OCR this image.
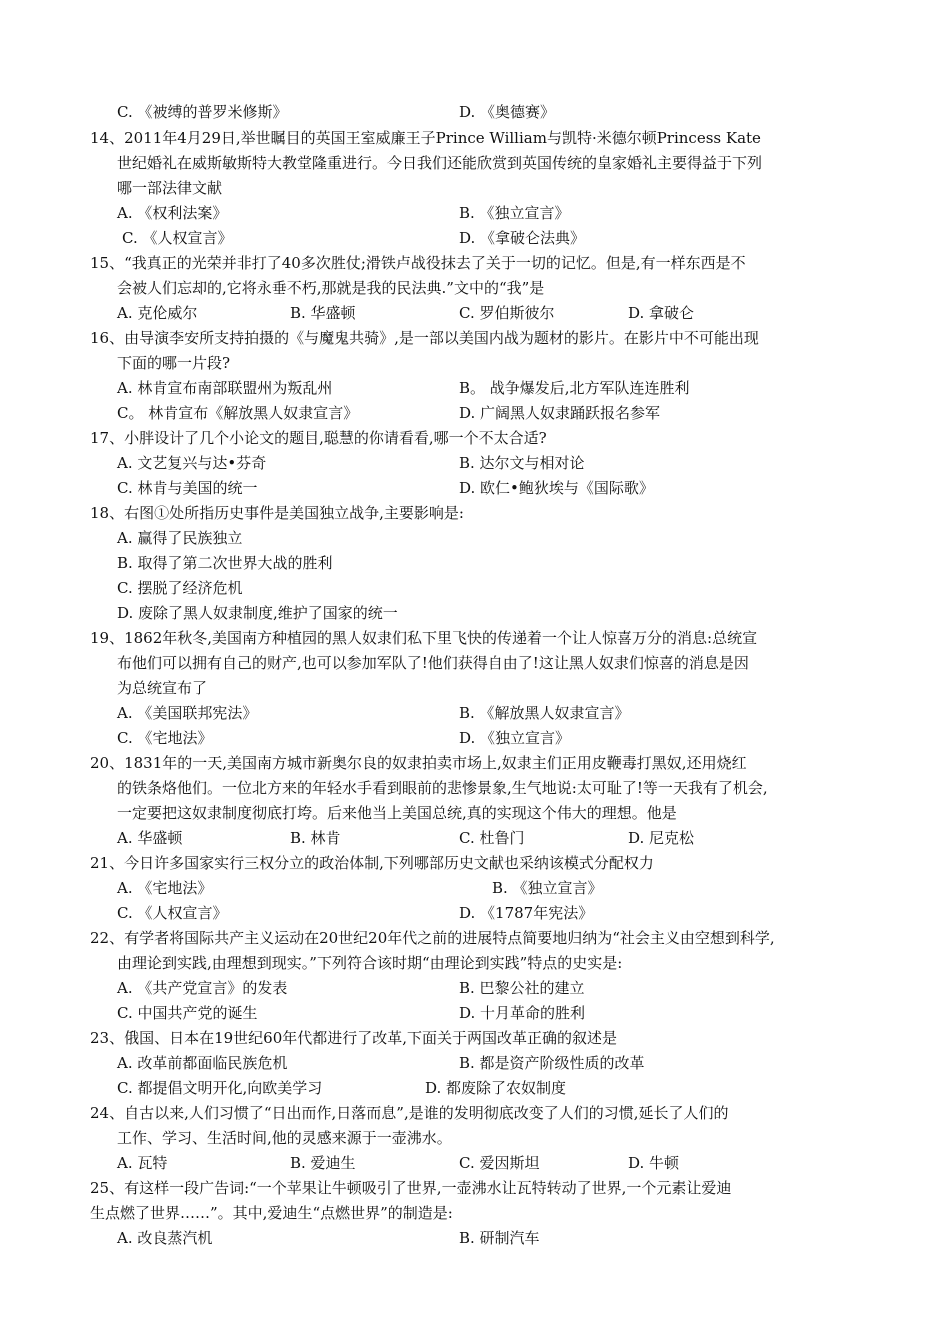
C. 《被缚的普罗米修斯》	D. 《奥德赛》
14、2011年4月29日,举世瞩目的英国王室威廉王子Prince William与凯特·米德尔顿Princess Kate
世纪婚礼在威斯敏斯特大教堂隆重进行。今日我们还能欣赏到英国传统的皇家婚礼主要得益于下列
哪一部法律文献
A. 《权利法案》	B. 《独立宣言》
C. 《人权宣言》	D. 《拿破仑法典》
15、“我真正的光荣并非打了40多次胜仗;滑铁卢战役抹去了关于一切的记忆。但是,有一样东西是不
会被人们忘却的,它将永垂不朽,那就是我的民法典.”文中的“我”是
A. 克伦威尔	B. 华盛顿	C. 罗伯斯彼尔	D. 拿破仑
16、由导演李安所支持拍摄的《与魔鬼共骑》,是一部以美国内战为题材的影片。在影片中不可能出现
下面的哪一片段?
A. 林肯宣布南部联盟州为叛乱州	B。 战争爆发后,北方军队连连胜利
C。 林肯宣布《解放黑人奴隶宣言》	D. 广阔黑人奴隶踊跃报名参军
17、小胖设计了几个小论文的题目,聪慧的你请看看,哪一个不太合适?
A. 文艺复兴与达•芬奇	B. 达尔文与相对论
C. 林肯与美国的统一	D. 欧仁•鲍狄埃与《国际歌》
18、右图①处所指历史事件是美国独立战争,主要影响是:
A. 赢得了民族独立
B. 取得了第二次世界大战的胜利
C. 摆脱了经济危机
D. 废除了黑人奴隶制度,维护了国家的统一
19、1862年秋冬,美国南方种植园的黑人奴隶们私下里飞快的传递着一个让人惊喜万分的消息:总统宣
布他们可以拥有自己的财产,也可以参加军队了!他们获得自由了!这让黑人奴隶们惊喜的消息是因
为总统宣布了
A. 《美国联邦宪法》	B. 《解放黑人奴隶宣言》
C. 《宅地法》	D. 《独立宣言》
20、1831年的一天,美国南方城市新奥尔良的奴隶拍卖市场上,奴隶主们正用皮鞭毒打黑奴,还用烧红
的铁条烙他们。一位北方来的年轻水手看到眼前的悲惨景象,生气地说:太可耻了!等一天我有了机会,
一定要把这奴隶制度彻底打垮。后来他当上美国总统,真的实现这个伟大的理想。他是
A. 华盛顿	B. 林肯	C. 杜鲁门	D. 尼克松
21、今日许多国家实行三权分立的政治体制,下列哪部历史文献也采纳该模式分配权力
A. 《宅地法》	B. 《独立宣言》
C. 《人权宣言》	D. 《1787年宪法》
22、有学者将国际共产主义运动在20世纪20年代之前的进展特点简要地归纳为“社会主义由空想到科学,
由理论到实践,由理想到现实。”下列符合该时期“由理论到实践”特点的史实是:
A. 《共产党宣言》的发表	B. 巴黎公社的建立
C. 中国共产党的诞生	D. 十月革命的胜利
23、俄国、日本在19世纪60年代都进行了改革,下面关于两国改革正确的叙述是
A. 改革前都面临民族危机	B. 都是资产阶级性质的改革
C. 都提倡文明开化,向欧美学习	D. 都废除了农奴制度
24、自古以来,人们习惯了“日出而作,日落而息”,是谁的发明彻底改变了人们的习惯,延长了人们的
工作、学习、生活时间,他的灵感来源于一壶沸水。
A. 瓦特	B. 爱迪生	C. 爱因斯坦	D. 牛顿
25、有这样一段广告词:“一个苹果让牛顿吸引了世界,一壶沸水让瓦特转动了世界,一个元素让爱迪
生点燃了世界……”。其中,爱迪生“点燃世界”的制造是:
A. 改良蒸汽机	B. 研制汽车
